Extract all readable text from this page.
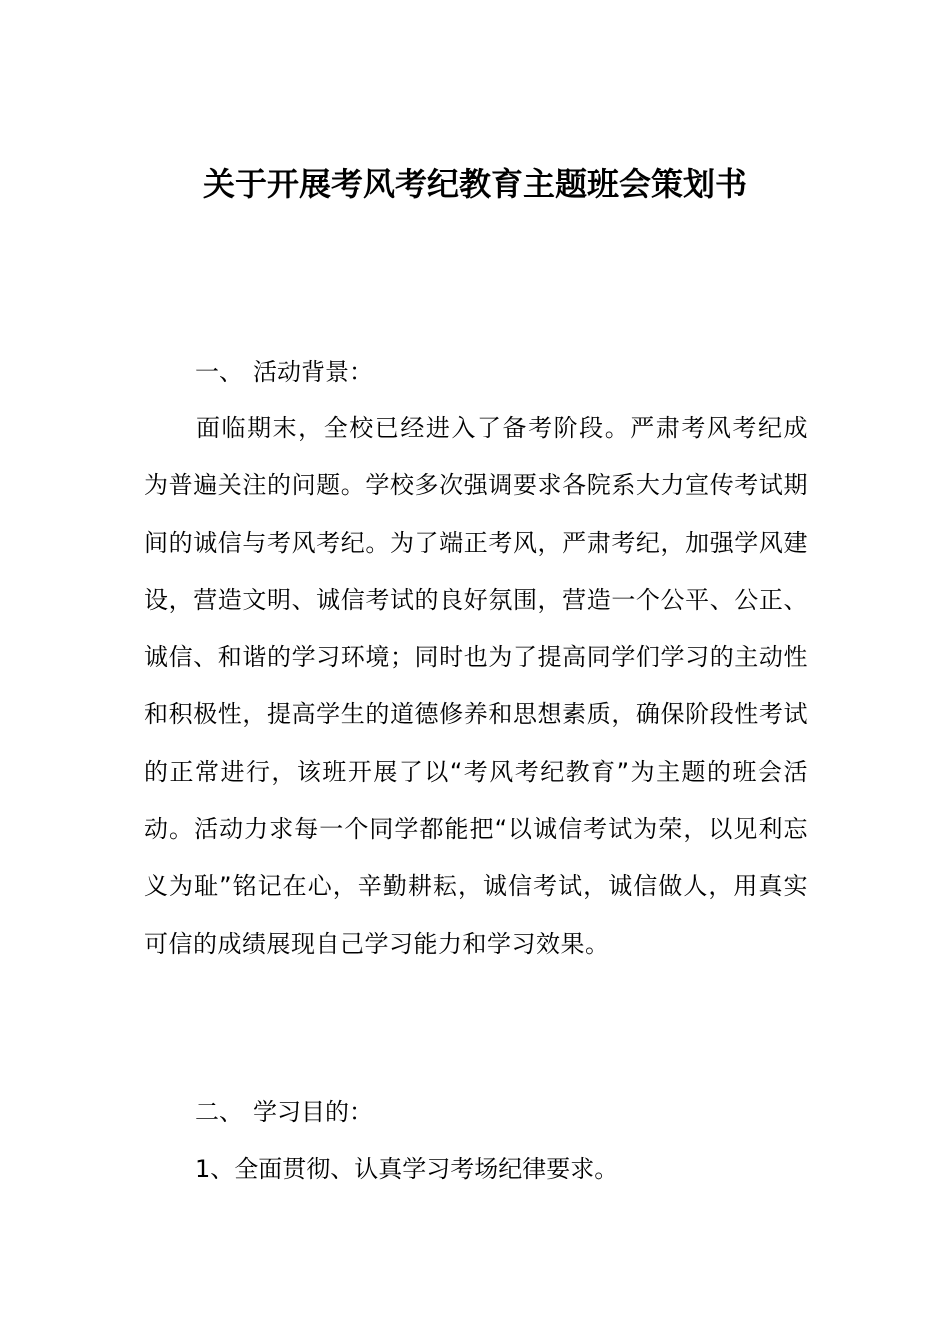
关于开展考风考纪教育主题班会策划书
一、 活动背景：

面临期末，全校已经进入了备考阶段。严肃考风考纪成为普遍关注的问题。学校多次强调要求各院系大力宣传考试期间的诚信与考风考纪。为了端正考风，严肃考纪，加强学风建设，营造文明、诚信考试的良好氛围，营造一个公平、公正、诚信、和谐的学习环境；同时也为了提高同学们学习的主动性和积极性，提高学生的道德修养和思想素质，确保阶段性考试的正常进行，该班开展了以“考风考纪教育”为主题的班会活动。活动力求每一个同学都能把“以诚信考试为荣，以见利忘义为耻”铭记在心，辛勤耕耘，诚信考试，诚信做人，用真实可信的成绩展现自己学习能力和学习效果。

二、 学习目的：
1、全面贯彻、认真学习考场纪律要求。
